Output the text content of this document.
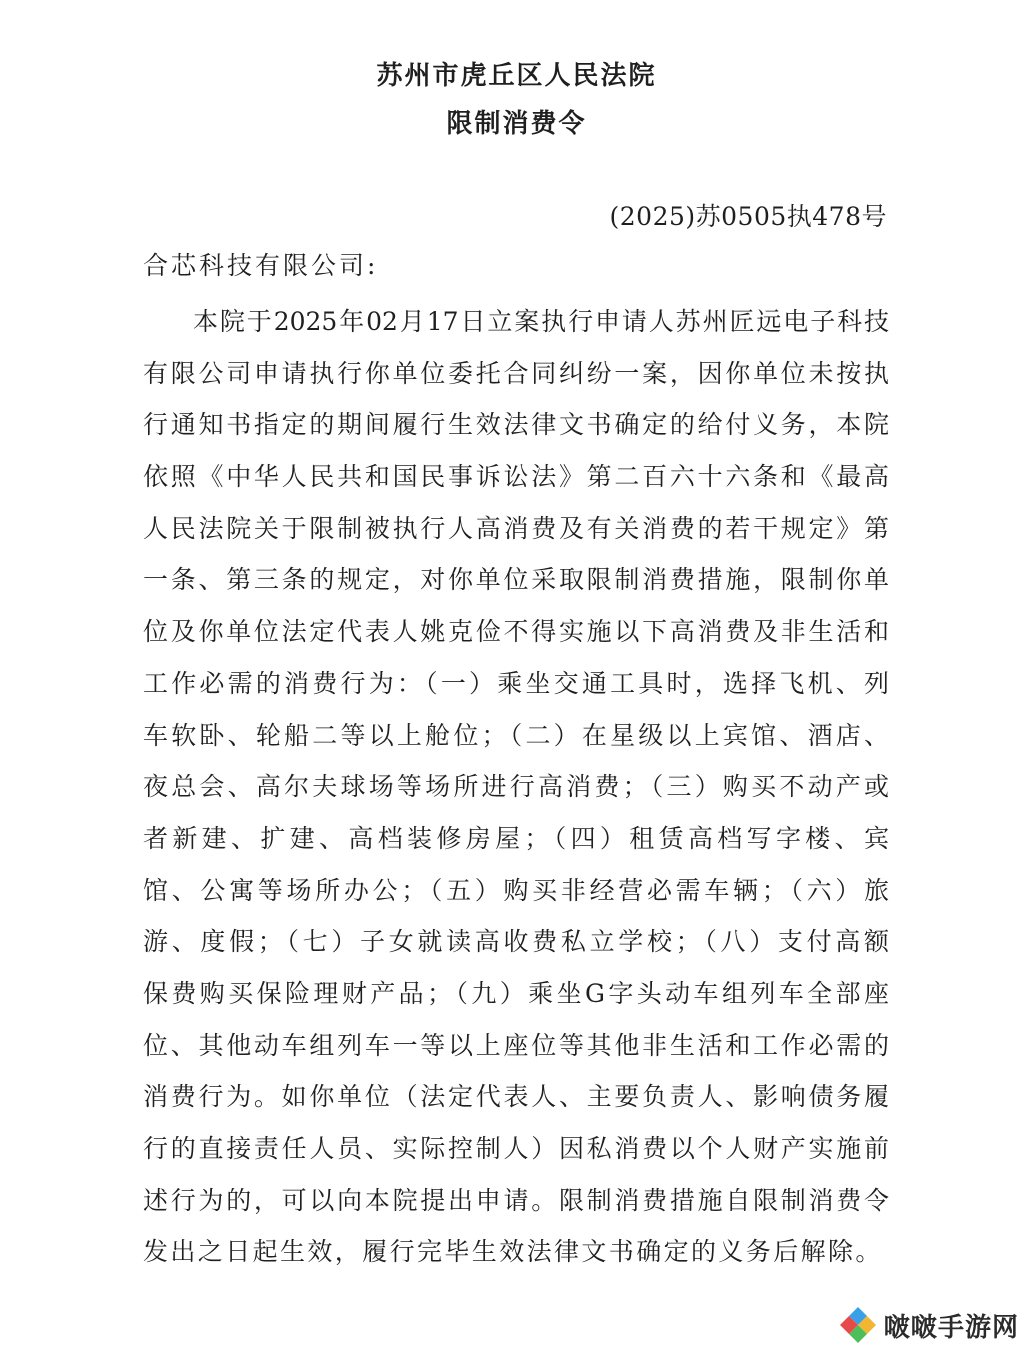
苏州市虎丘区人民法院
限制消费令
(2025)苏0505执478号
合芯科技有限公司:
本院于2025年02月17日立案执行申请人苏州匠远电子科技
有限公司申请执行你单位委托合同纠纷一案，因你单位未按执
行通知书指定的期间履行生效法律文书确定的给付义务，本院
依照《中华人民共和国民事诉讼法》第二百六十六条和《最高
人民法院关于限制被执行人高消费及有关消费的若干规定》第
一条、第三条的规定，对你单位采取限制消费措施，限制你单
位及你单位法定代表人姚克俭不得实施以下高消费及非生活和
工作必需的消费行为：（一）乘坐交通工具时，选择飞机、列
车软卧、轮船二等以上舱位；（二）在星级以上宾馆、酒店、
夜总会、高尔夫球场等场所进行高消费；（三）购买不动产或
者新建、扩建、高档装修房屋；（四）租赁高档写字楼、宾
馆、公寓等场所办公；（五）购买非经营必需车辆；（六）旅
游、度假；（七）子女就读高收费私立学校；（八）支付高额
保费购买保险理财产品；（九）乘坐G字头动车组列车全部座
位、其他动车组列车一等以上座位等其他非生活和工作必需的
消费行为。如你单位（法定代表人、主要负责人、影响债务履
行的直接责任人员、实际控制人）因私消费以个人财产实施前
述行为的，可以向本院提出申请。限制消费措施自限制消费令
发出之日起生效，履行完毕生效法律文书确定的义务后解除。
啵啵手游网
